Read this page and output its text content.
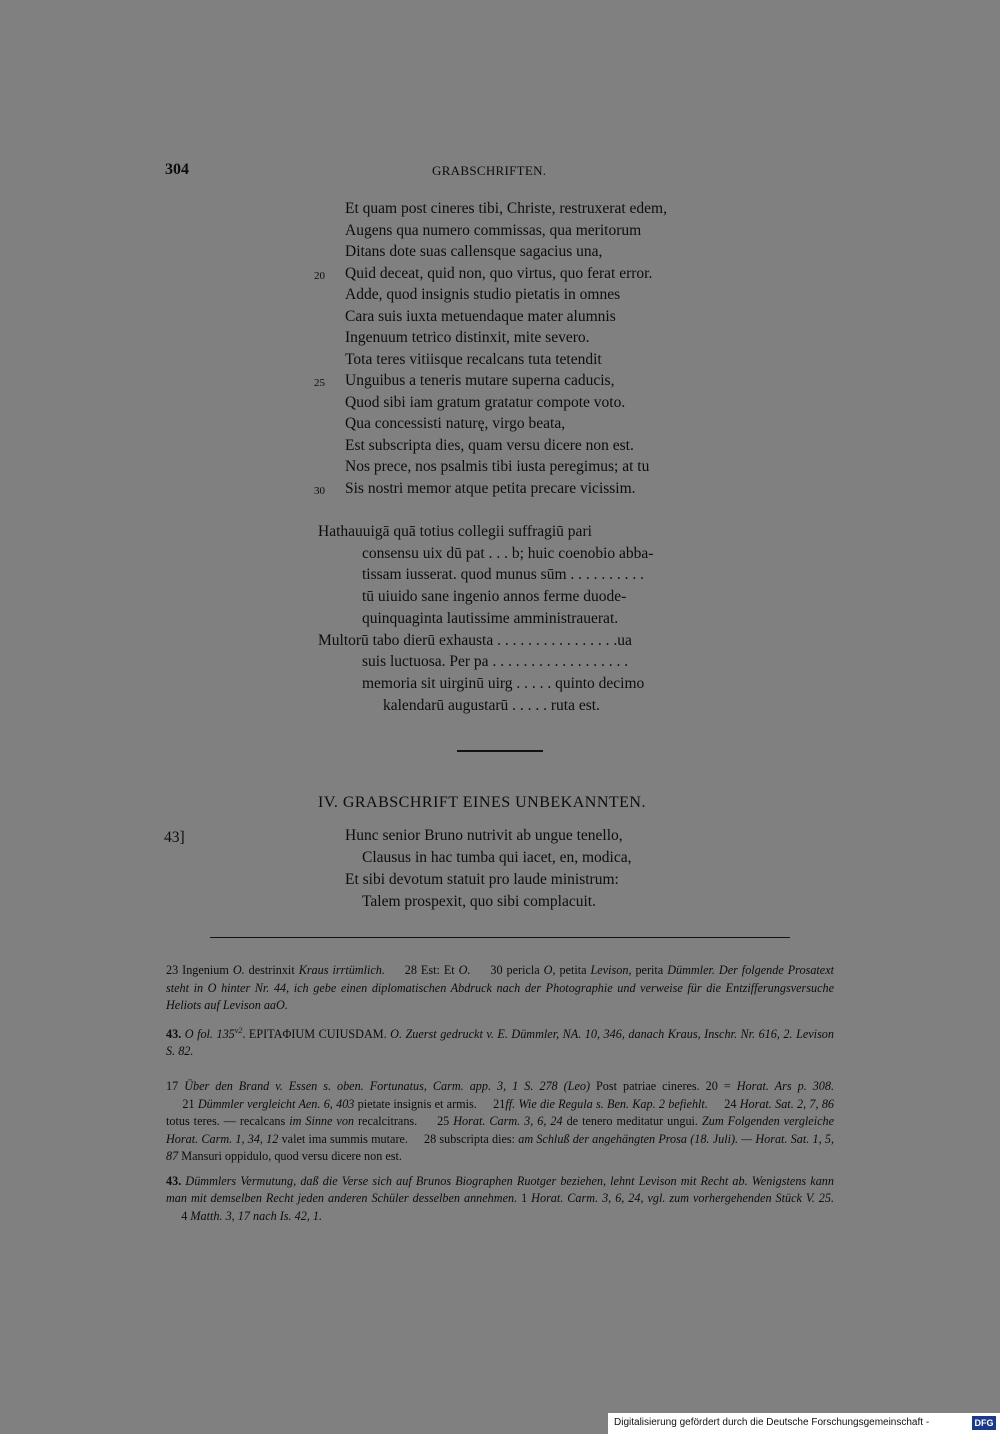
304	GRABSCHRIFTEN.
Et quam post cineres tibi, Christe, restruxerat edem,
Augens qua numero commissas, qua meritorum
Ditans dote suas callensque sagacius una,
Quid deceat, quid non, quo virtus, quo ferat error.
20
Adde, quod insignis studio pietatis in omnes
Cara suis iuxta metuendaque mater alumnis
Ingenuum tetrico distinxit, mite severo.
Tota teres vitiisque recalcans tuta tetendit
Unguibus a teneris mutare superna caducis,
25
Quod sibi iam gratum gratatur compote voto.
Qua concessisti naturę, virgo beata,
Est subscripta dies, quam versu dicere non est.
Nos prece, nos psalmis tibi iusta peregimus; at tu
Sis nostri memor atque petita precare vicissim.
30
Hathauuigā quā totius collegii suffragiū pari
consensu uix dū pat . . . b; huic coenobio abba-
tissam iusserat. quod munus sūm . . . . . . . . . .
tū uiuido sane ingenio annos ferme duode-
quinquaginta lautissime amministrauerat.
Multorū tabo dierū exhausta . . . . . . . . . . . . . . . .ua
suis luctuosa. Per pa . . . . . . . . . . . . . . . . . .
memoria sit uirginū uirg . . . . . quinto decimo
kalendarū augustarū . . . . . ruta est.
IV. GRABSCHRIFT EINES UNBEKANNTEN.
43]	Hunc senior Bruno nutrivit ab ungue tenello,
Clausus in hac tumba qui iacet, en, modica,
Et sibi devotum statuit pro laude ministrum:
Talem prospexit, quo sibi complacuit.

23 Ingenium O. destrinxit Kraus irrtümlich.     28 Est: Et O.     30 pericla O, petita Levison, perita Dümmler. Der folgende Prosatext steht in O hinter Nr. 44, ich gebe einen diplomatischen Abdruck nach der Photographie und verweise für die Entzifferungsversuche Heliots auf Levison aaO.

43. O fol. $135^{v2}$. EPITAΦIUM CUIUSDAM. O. Zuerst gedruckt v. E. Dümmler, NA. 10, 346, danach Kraus, Inschr. Nr. 616, 2. Levison S. 82.

17 Über den Brand v. Essen s. oben. Fortunatus, Carm. app. 3, 1 S. 278 (Leo) Post patriae cineres. 20 = Horat. Ars p. 308.     21 Dümmler vergleicht Aen. 6, 403 pietate insignis et armis.     21ff. Wie die Regula s. Ben. Kap. 2 befiehlt.     24 Horat. Sat. 2, 7, 86 totus teres. — recalcans im Sinne von recalcitrans.     25 Horat. Carm. 3, 6, 24 de tenero meditatur ungui. Zum Folgenden vergleiche Horat. Carm. 1, 34, 12 valet ima summis mutare.     28 subscripta dies: am Schluß der angehängten Prosa (18. Juli). — Horat. Sat. 1, 5, 87 Mansuri oppidulo, quod versu dicere non est.

43. Dümmlers Vermutung, daß die Verse sich auf Brunos Biographen Ruotger beziehen, lehnt Levison mit Recht ab. Wenigstens kann man mit demselben Recht jeden anderen Schüler desselben annehmen. 1 Horat. Carm. 3, 6, 24, vgl. zum vorhergehenden Stück V. 25.     4 Matth. 3, 17 nach Is. 42, 1.

Digitalisierung gefördert durch die Deutsche Forschungsgemeinschaft -	DFG
